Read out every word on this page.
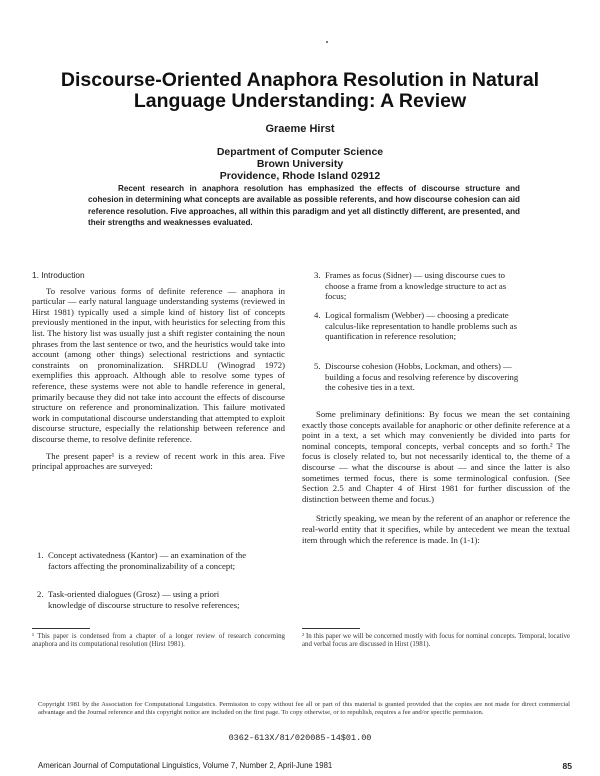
Discourse-Oriented Anaphora Resolution in Natural Language Understanding: A Review
Graeme Hirst
Department of Computer Science
Brown University
Providence, Rhode Island 02912

Recent research in anaphora resolution has emphasized the effects of discourse structure and cohesion in determining what concepts are available as possible referents, and how discourse cohesion can aid reference resolution. Five approaches, all within this paradigm and yet all distinctly different, are presented, and their strengths and weaknesses evaluated.

1. Introduction

To resolve various forms of definite reference — anaphora in particular — early natural language understanding systems (reviewed in Hirst 1981) typically used a simple kind of history list of concepts previously mentioned in the input, with heuristics for selecting from this list. The history list was usually just a shift register containing the noun phrases from the last sentence or two, and the heuristics would take into account (among other things) selectional restrictions and syntactic constraints on pronominalization. SHRDLU (Winograd 1972) exemplifies this approach. Although able to resolve some types of reference, these systems were not able to handle reference in general, primarily because they did not take into account the effects of discourse structure on reference and pronominalization. This failure motivated work in computational discourse understanding that attempted to exploit discourse structure, especially the relationship between reference and discourse theme, to resolve definite reference.

The present paper¹ is a review of recent work in this area. Five principal approaches are surveyed:

1. Concept activatedness (Kantor) — an examination of the factors affecting the pronominalizability of a concept;
2. Task-oriented dialogues (Grosz) — using a priori knowledge of discourse structure to resolve references;
3. Frames as focus (Sidner) — using discourse cues to choose a frame from a knowledge structure to act as focus;
4. Logical formalism (Webber) — choosing a predicate calculus-like representation to handle problems such as quantification in reference resolution;
5. Discourse cohesion (Hobbs, Lockman, and others) — building a focus and resolving reference by discovering the cohesive ties in a text.

Some preliminary definitions: By focus we mean the set containing exactly those concepts available for anaphoric or other definite reference at a point in a text, a set which may conveniently be divided into parts for nominal concepts, temporal concepts, verbal concepts and so forth.² The focus is closely related to, but not necessarily identical to, the theme of a discourse — what the discourse is about — and since the latter is also sometimes termed focus, there is some terminological confusion. (See Section 2.5 and Chapter 4 of Hirst 1981 for further discussion of the distinction between theme and focus.)

Strictly speaking, we mean by the referent of an anaphor or reference the real-world entity that it specifies, while by antecedent we mean the textual item through which the reference is made. In (1-1):

¹ This paper is condensed from a chapter of a longer review of research concerning anaphora and its computational resolution (Hirst 1981).

² In this paper we will be concerned mostly with focus for nominal concepts. Temporal, locative and verbal focus are discussed in Hirst (1981).

Copyright 1981 by the Association for Computational Linguistics. Permission to copy without fee all or part of this material is granted provided that the copies are not made for direct commercial advantage and the Journal reference and this copyright notice are included on the first page. To copy otherwise, or to republish, requires a fee and/or specific permission.

0362-613X/81/020085-14$01.00
American Journal of Computational Linguistics, Volume 7, Number 2, April-June 1981	85
